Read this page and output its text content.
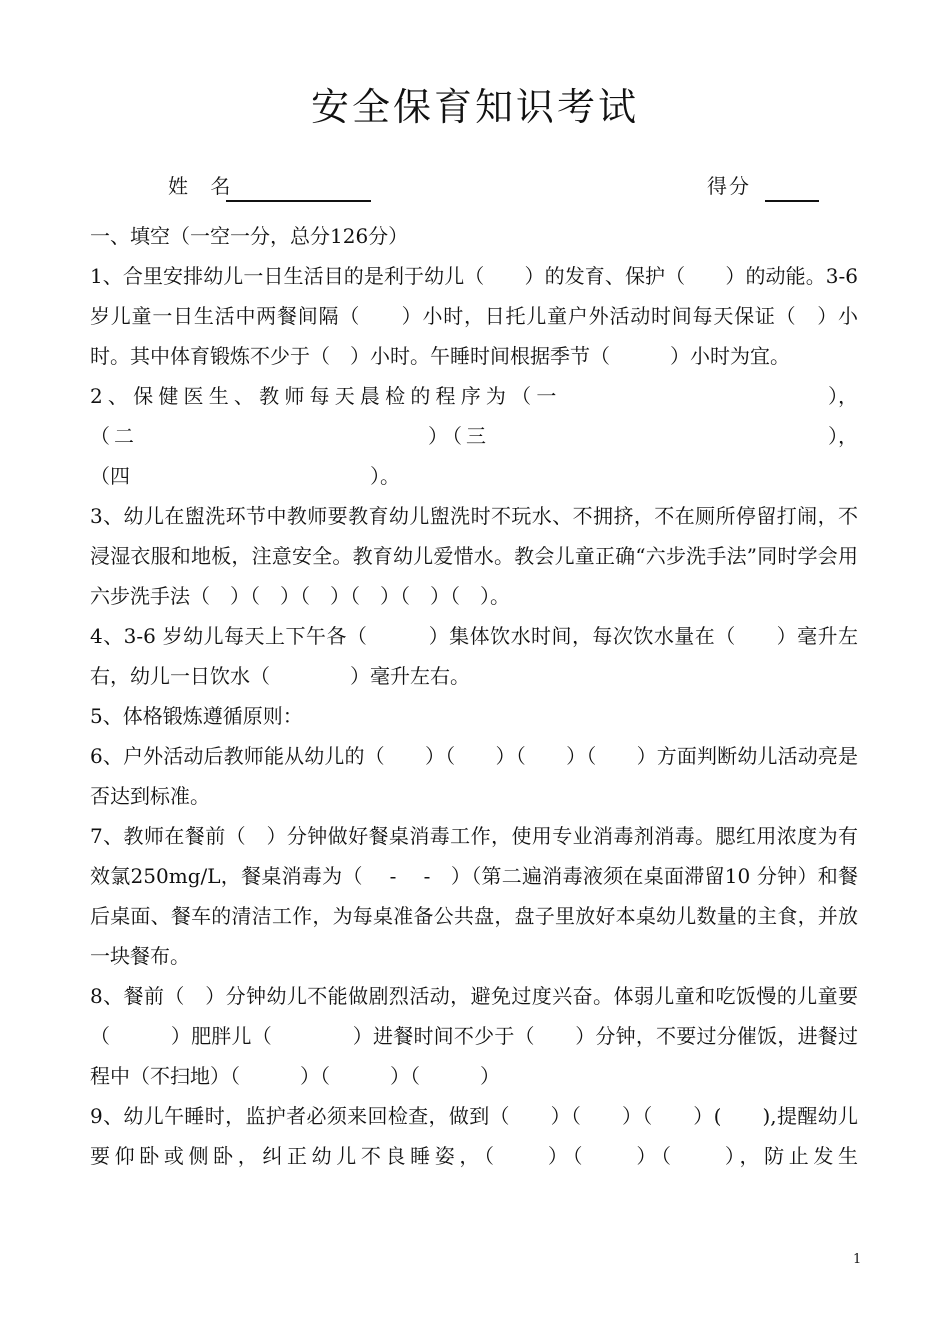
安全保育知识考试
姓 名	得分

一、填空（一空一分，总分126分）

1、合里安排幼儿一日生活目的是利于幼儿（　　）的发育、保护（　　）的动能。3-6 岁儿童一日生活中两餐间隔（　　）小时，日托儿童户外活动时间每天保证（　）小时。其中体育锻炼不少于（　）小时。午睡时间根据季节（　　　）小时为宜。

2、保健医生、教师每天晨检的程序为（一	），
（二	）（三	），
（四　　　　　　　　　　　　）。

3、幼儿在盥洗环节中教师要教育幼儿盥洗时不玩水、不拥挤，不在厕所停留打闹，不浸湿衣服和地板，注意安全。教育幼儿爱惜水。教会儿童正确“六步洗手法”同时学会用六步洗手法（　）（　）（　）（　）（　）（　）。

4、3-6 岁幼儿每天上下午各（　　　）集体饮水时间，每次饮水量在（　　）毫升左右，幼儿一日饮水（　　　　）毫升左右。

5、体格锻炼遵循原则：

6、户外活动后教师能从幼儿的（　　）（　　）（　　）（　　）方面判断幼儿活动亮是否达到标准。

7、教师在餐前（　）分钟做好餐桌消毒工作，使用专业消毒剂消毒。腮红用浓度为有效氯250mg/L，餐桌消毒为（　 -　 -　）（第二遍消毒液须在桌面滞留10 分钟）和餐后桌面、餐车的清洁工作，为每桌准备公共盘，盘子里放好本桌幼儿数量的主食，并放一块餐布。

8、餐前（　）分钟幼儿不能做剧烈活动，避免过度兴奋。体弱儿童和吃饭慢的儿童要（　　　）肥胖儿（　　　　）进餐时间不少于（　　）分钟，不要过分催饭，进餐过程中（不扫地）（　　　）（　　　）（　　　）

9、幼儿午睡时，监护者必须来回检查，做到（　　）（　　）（　　）(　　),提醒幼儿要仰卧或侧卧，纠正幼儿不良睡姿，（　　）（　　）（　　），防止发生

1
